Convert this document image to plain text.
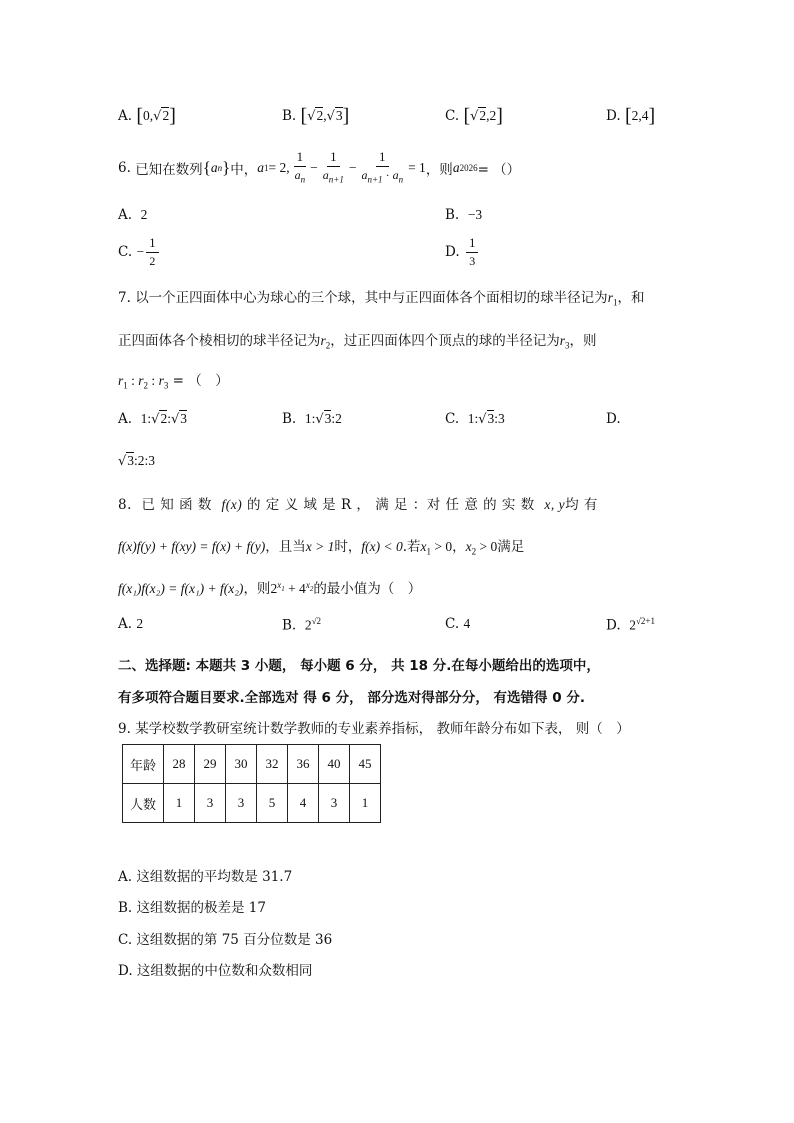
A. [0,√2]	B. [√2,√3]	C. [√2,2]	D. [2,4]
6.
已知在数列 { a n } 中， a 1 = 2, $\frac{1}{a_n} - \frac{1}{a_{n+1}} - \frac{1}{a_{n+1} \cdot a_n} = 1$ ，则 a 2026 = （）
A. 2	B. −3
C.
− $\frac{1}{2}$	D.
$\frac{1}{3}$
7. 以一个正四面体中心为球心的三个球，其中与正四面体各个面相切的球半径记为$r_1$，和
正四面体各个棱相切的球半径记为$r_2$，过正四面体四个顶点的球的半径记为$r_3$，则
$r_1$ : $r_2$ : $r_3$ = （　）
A. 1:√2:√3	B. 1:√3:2	C. 1:√3:3	D.
√3:2:3
8. 已 知 函 数 f(x) 的 定 义 域 是 R ， 满 足 ：对 任 意 的 实 数 x, y均 有
f(x)f(y) + f(xy) = f(x) + f(y)，且当x > 1时，f(x) < 0.若$x_1 > 0$，$x_2 > 0$满足
f(x₁)f(x₂) = f(x₁) + f(x₂)，则$2^{x_1} + 4^{x_2}$的最小值为（　）
A. 2	B. $2^{√2}$	C. 4	D. $2^{√2+1}$
二、选择题: 本题共 3 小题， 每小题 6 分， 共 18 分.在每小题给出的选项中，
有多项符合题目要求.全部选对 得 6 分， 部分选对得部分分， 有选错得 0 分.
9. 某学校数学教研室统计数学教师的专业素养指标， 教师年龄分布如下表， 则（　）
年龄	28	29	30	32	36	40	45
人数	1	3	3	5	4	3	1
A. 这组数据的平均数是 31.7
B. 这组数据的极差是 17
C. 这组数据的第 75 百分位数是 36
D. 这组数据的中位数和众数相同
